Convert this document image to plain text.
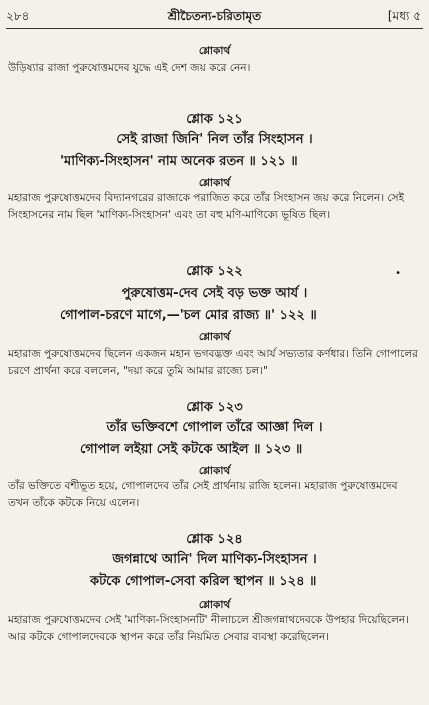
২৮৪	শ্রীচৈতন্য-চরিতামৃত	[মধ্য ৫
শ্লোকার্থ
উড়িষ্যার রাজা পুরুষোত্তমদেব যুদ্ধে এই দেশ জয় করে নেন।
শ্লোক ১২১
সেই রাজা জিনি' নিল তাঁর সিংহাসন ।
'মাণিক্য-সিংহাসন' নাম অনেক রতন ॥ ১২১ ॥
শ্লোকার্থ
মহারাজ পুরুষোত্তমদেব বিদ্যানগরের রাজাকে পরাজিত করে তাঁর সিংহাসন জয় করে নিলেন। সেই সিংহাসনের নাম ছিল 'মাণিক্য-সিংহাসন' এবং তা বহু মণি-মাণিক্যে ভূষিত ছিল।
•
শ্লোক ১২২
পুরুষোত্তম-দেব সেই বড় ভক্ত আর্য ।
গোপাল-চরণে মাগে,—'চল মোর রাজ্য ॥' ১২২ ॥
শ্লোকার্থ
মহারাজ পুরুষোত্তমদেব ছিলেন একজন মহান ভগবদ্ভক্ত এবং আর্য সভ্যতার কর্ণধার। তিনি গোপালের চরণে প্রার্থনা করে বললেন, "দয়া করে তুমি আমার রাজ্যে চল।"
শ্লোক ১২৩
তাঁর ভক্তিবশে গোপাল তাঁরে আজ্ঞা দিল ।
গোপাল লইয়া সেই কটকে আইল ॥ ১২৩ ॥
শ্লোকার্থ
তাঁর ভক্তিতে বশীভূত হয়ে, গোপালদেব তাঁর সেই প্রার্থনায় রাজি হলেন। মহারাজ পুরুষোত্তমদেব তখন তাঁকে কটকে নিয়ে এলেন।
শ্লোক ১২৪
জগন্নাথে আনি' দিল মাণিক্য-সিংহাসন ।
কটকে গোপাল-সেবা করিল স্থাপন ॥ ১২৪ ॥
শ্লোকার্থ
মহারাজ পুরুষোত্তমদেব সেই 'মাণিক্য-সিংহাসনটি' নীলাচলে শ্রীজগন্নাথদেবকে উপহার দিয়েছিলেন। আর কটকে গোপালদেবকে স্থাপন করে তাঁর নিয়মিত সেবার ব্যবস্থা করেছিলেন।
